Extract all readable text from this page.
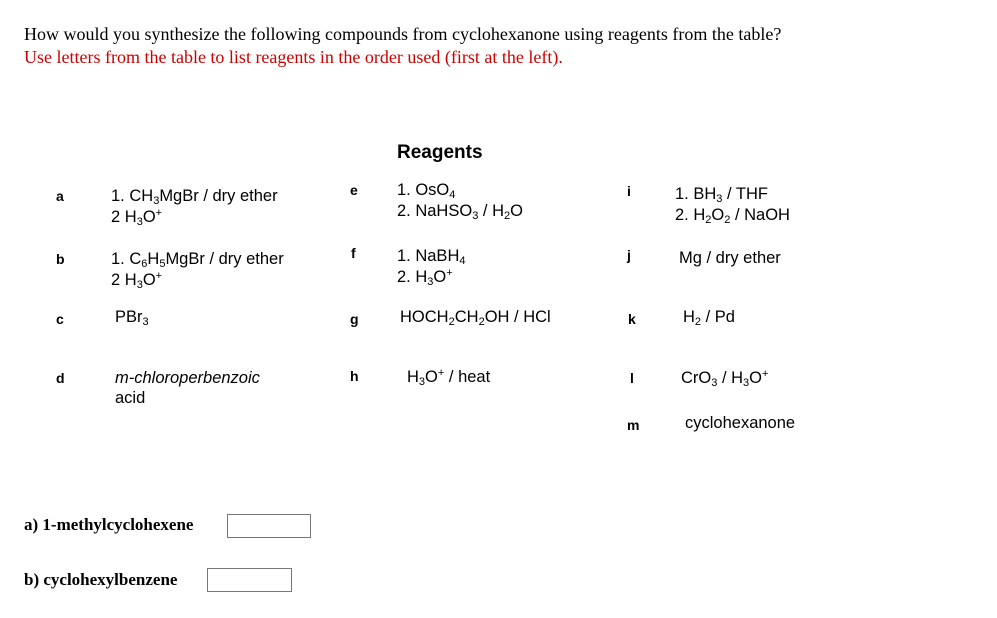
How would you synthesize the following compounds from cyclohexanone using reagents from the table?
Use letters from the table to list reagents in the order used (first at the left).
Reagents
a	1. $CH_3MgBr$ / dry ether
2 $H_3O^+$
b	1. $C_6H_5MgBr$ / dry ether
2 $H_3O^+$
c	PBr$_3$
d	m-chloroperbenzoic
acid
e 1. OsO$_4$
2. NaHSO$_3$ / $H_2O$
f	1. NaBH$_4$
2. $H_3O^+$
g	$HOCH_2CH_2OH$ / HCl
h	$H_3O^+$ / heat
i	1. $BH_3$ / THF
2. $H_2O_2$ / NaOH
j	Mg / dry ether
k	$H_2$ / Pd
l	$CrO_3 / H_3O^+$
m	cyclohexanone
a) 1-methylcyclohexene
b) cyclohexylbenzene
